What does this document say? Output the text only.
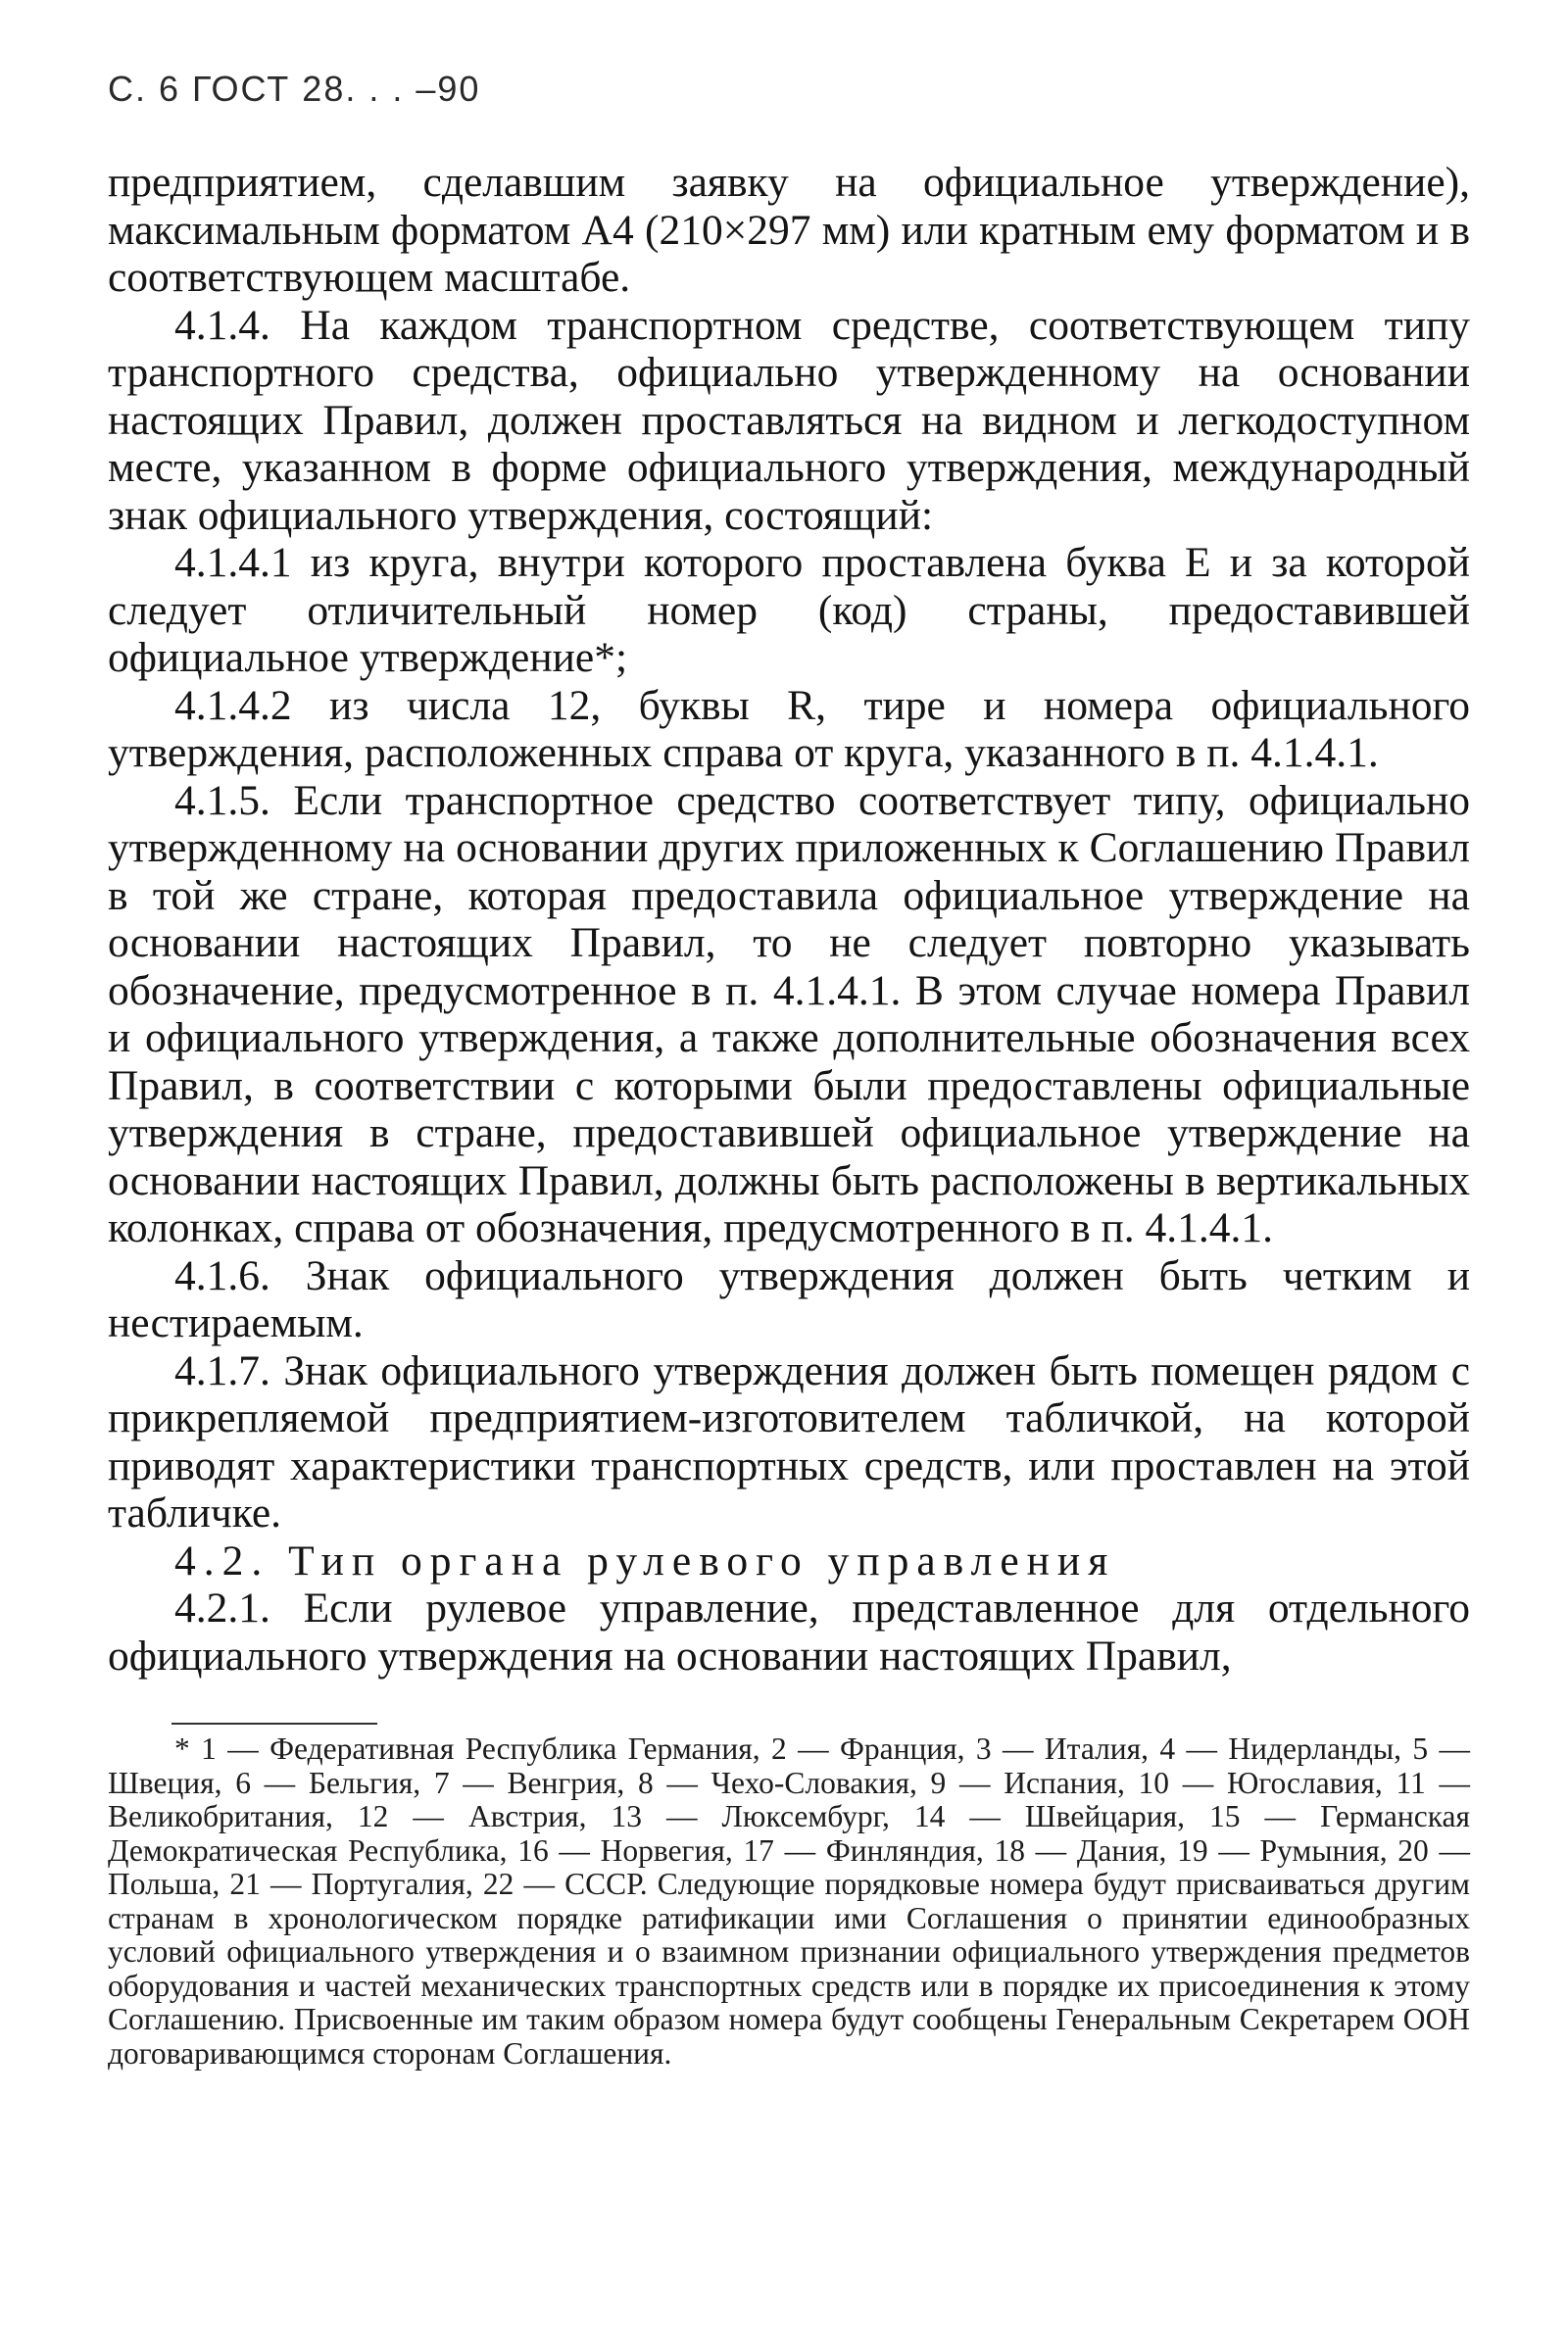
С. 6 ГОСТ 28. . . –90

предприятием, сделавшим заявку на официальное утверждение), максимальным форматом А4 (210×297 мм) или кратным ему форматом и в соответствующем масштабе.

4.1.4. На каждом транспортном средстве, соответствующем типу транспортного средства, официально утвержденному на основании настоящих Правил, должен проставляться на видном и легкодоступном месте, указанном в форме официального утверждения, международный знак официального утверждения, состоящий:

4.1.4.1 из круга, внутри которого проставлена буква Е и за которой следует отличительный номер (код) страны, предоставившей официальное утверждение*;

4.1.4.2 из числа 12, буквы R, тире и номера официального утверждения, расположенных справа от круга, указанного в п. 4.1.4.1.

4.1.5. Если транспортное средство соответствует типу, официально утвержденному на основании других приложенных к Соглашению Правил в той же стране, которая предоставила официальное утверждение на основании настоящих Правил, то не следует повторно указывать обозначение, предусмотренное в п. 4.1.4.1. В этом случае номера Правил и официального утверждения, а также дополнительные обозначения всех Правил, в соответствии с которыми были предоставлены официальные утверждения в стране, предоставившей официальное утверждение на основании настоящих Правил, должны быть расположены в вертикальных колонках, справа от обозначения, предусмотренного в п. 4.1.4.1.

4.1.6. Знак официального утверждения должен быть четким и нестираемым.

4.1.7. Знак официального утверждения должен быть помещен рядом с прикрепляемой предприятием-изготовителем табличкой, на которой приводят характеристики транспортных средств, или проставлен на этой табличке.

4.2. Тип органа рулевого управления

4.2.1. Если рулевое управление, представленное для отдельного официального утверждения на основании настоящих Правил,

* 1 — Федеративная Республика Германия, 2 — Франция, 3 — Италия, 4 — Нидерланды, 5 — Швеция, 6 — Бельгия, 7 — Венгрия, 8 — Чехо-Словакия, 9 — Испания, 10 — Югославия, 11 — Великобритания, 12 — Австрия, 13 — Люксембург, 14 — Швейцария, 15 — Германская Демократическая Республика, 16 — Норвегия, 17 — Финляндия, 18 — Дания, 19 — Румыния, 20 — Польша, 21 — Португалия, 22 — СССР. Следующие порядковые номера будут присваиваться другим странам в хронологическом порядке ратификации ими Соглашения о принятии единообразных условий официального утверждения и о взаимном признании официального утверждения предметов оборудования и частей механических транспортных средств или в порядке их присоединения к этому Соглашению. Присвоенные им таким образом номера будут сообщены Генеральным Секретарем ООН договаривающимся сторонам Соглашения.
